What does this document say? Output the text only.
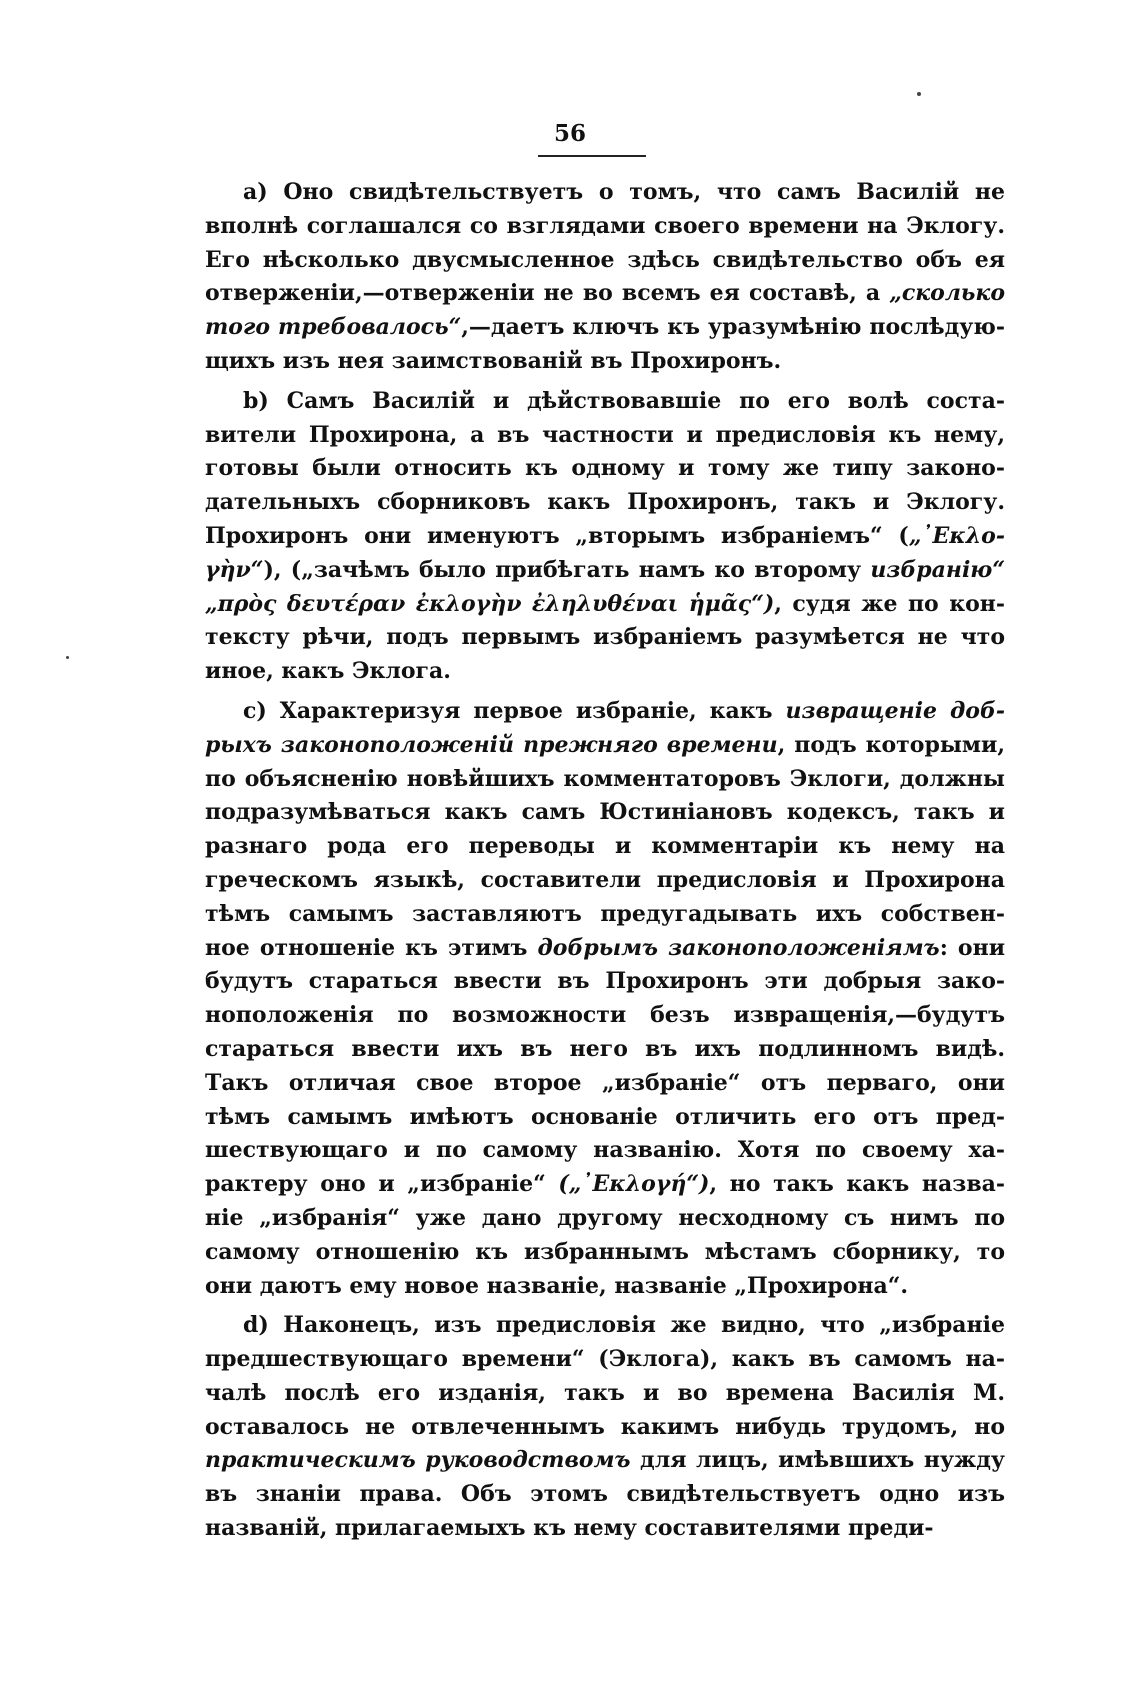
56
a) Оно свидѣтельствуетъ о томъ, что самъ Василій не
вполнѣ соглашался со взглядами своего времени на Эклогу.
Его нѣсколько двусмысленное здѣсь свидѣтельство объ ея
отверженіи,—отверженіи не во всемъ ея составѣ, а „сколько
того требовалось“,—даетъ ключъ къ уразумѣнію послѣдую-
щихъ изъ нея заимствованій въ Прохиронъ.
b) Самъ Василій и дѣйствовавшіе по его волѣ соста-
вители Прохирона, а въ частности и предисловія къ нему,
готовы были относить къ одному и тому же типу законо-
дательныхъ сборниковъ какъ Прохиронъ, такъ и Эклогу.
Прохиронъ они именуютъ „вторымъ избраніемъ“ („᾿Εκλο-
γὴν“), („зачѣмъ было прибѣгать намъ ко второму избранію“
„πρὸς δευτέραν ἐκλογὴν ἐληλυθέναι ἡμᾶς“), судя же по кон-
тексту рѣчи, подъ первымъ избраніемъ разумѣется не что
иное, какъ Эклога.
c) Характеризуя первое избраніе, какъ извращеніе доб-
рыхъ законоположеній прежняго времени, подъ которыми,
по объясненію новѣйшихъ комментаторовъ Эклоги, должны
подразумѣваться какъ самъ Юстиніановъ кодексъ, такъ и
разнаго рода его переводы и комментаріи къ нему на
греческомъ языкѣ, составители предисловія и Прохирона
тѣмъ самымъ заставляютъ предугадывать ихъ собствен-
ное отношеніе къ этимъ добрымъ законоположеніямъ: они
будутъ стараться ввести въ Прохиронъ эти добрыя зако-
ноположенія по возможности безъ извращенія,—будутъ
стараться ввести ихъ въ него въ ихъ подлинномъ видѣ.
Такъ отличая свое второе „избраніе“ отъ перваго, они
тѣмъ самымъ имѣютъ основаніе отличить его отъ пред-
шествующаго и по самому названію. Хотя по своему ха-
рактеру оно и „избраніе“ („᾿Εκλογή“), но такъ какъ назва-
ніе „избранія“ уже дано другому несходному съ нимъ по
самому отношенію къ избраннымъ мѣстамъ сборнику, то
они даютъ ему новое названіе, названіе „Прохирона“.
d) Наконецъ, изъ предисловія же видно, что „избраніе
предшествующаго времени“ (Эклога), какъ въ самомъ на-
чалѣ послѣ его изданія, такъ и во времена Василія М.
оставалось не отвлеченнымъ какимъ нибудь трудомъ, но
практическимъ руководствомъ для лицъ, имѣвшихъ нужду
въ знаніи права. Объ этомъ свидѣтельствуетъ одно изъ
названій, прилагаемыхъ къ нему составителями преди-
